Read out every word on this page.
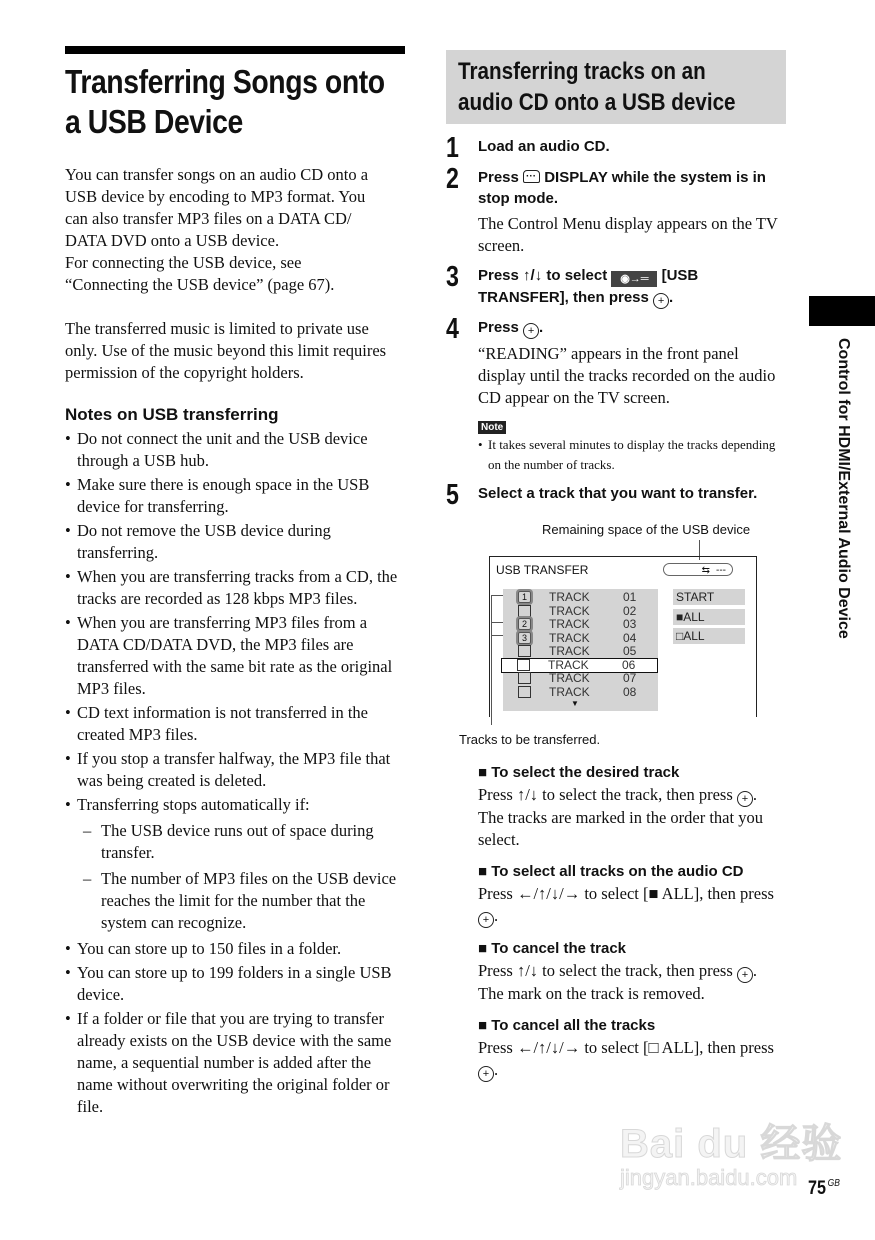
Transferring Songs onto
a USB Device

You can transfer songs on an audio CD onto a

USB device by encoding to MP3 format. You

can also transfer MP3 files on a DATA CD/

DATA DVD onto a USB device.

For connecting the USB device, see

“Connecting the USB device” (page 67).

The transferred music is limited to private use

only. Use of the music beyond this limit requires

permission of the copyright holders.

Notes on USB transferring
• Do not connect the unit and the USB device through a USB hub.
• Make sure there is enough space in the USB device for transferring.
• Do not remove the USB device during transferring.
• When you are transferring tracks from a CD, the tracks are recorded as 128 kbps MP3 files.
• When you are transferring MP3 files from a DATA CD/DATA DVD, the MP3 files are transferred with the same bit rate as the original MP3 files.
• CD text information is not transferred in the created MP3 files.
• If you stop a transfer halfway, the MP3 file that was being created is deleted.
• Transferring stops automatically if:
– The USB device runs out of space during transfer.
– The number of MP3 files on the USB device reaches the limit for the number that the system can recognize.
• You can store up to 150 files in a folder.
• You can store up to 199 folders in a single USB device.
• If a folder or file that you are trying to transfer already exists on the USB device with the same name, a sequential number is added after the name without overwriting the original folder or file.
Transferring tracks on an
audio CD onto a USB device
1 Load an audio CD.
2 Press ··· DISPLAY while the system is in stop mode.
The Control Menu display appears on the TV screen.
3 Press ↑/↓ to select ◉→═ [USB TRANSFER], then press + .
4 Press + .
“READING” appears in the front panel display until the tracks recorded on the audio CD appear on the TV screen.
Note
• It takes several minutes to display the tracks depending on the number of tracks.
5 Select a track that you want to transfer.
Remaining space of the USB device
USB TRANSFER	⇆ ---
1	TRACK	01
TRACK	02
2	TRACK	03
3	TRACK	04
TRACK	05
TRACK	06
TRACK	07
TRACK	08
▼
START
■ALL
□ALL
Tracks to be transferred.
■ To select the desired track
Press ↑/↓ to select the track, then press + . The tracks are marked in the order that you select.
■ To select all tracks on the audio CD
Press ←/↑/↓/→ to select [■ ALL], then press + .
■ To cancel the track
Press ↑/↓ to select the track, then press + . The mark on the track is removed.
■ To cancel all the tracks
Press ←/↑/↓/→ to select [□ ALL], then press + .
Control for HDMI/External Audio Device
Bai du 经验
jingyan.baidu.com 75 $^{GB}$
